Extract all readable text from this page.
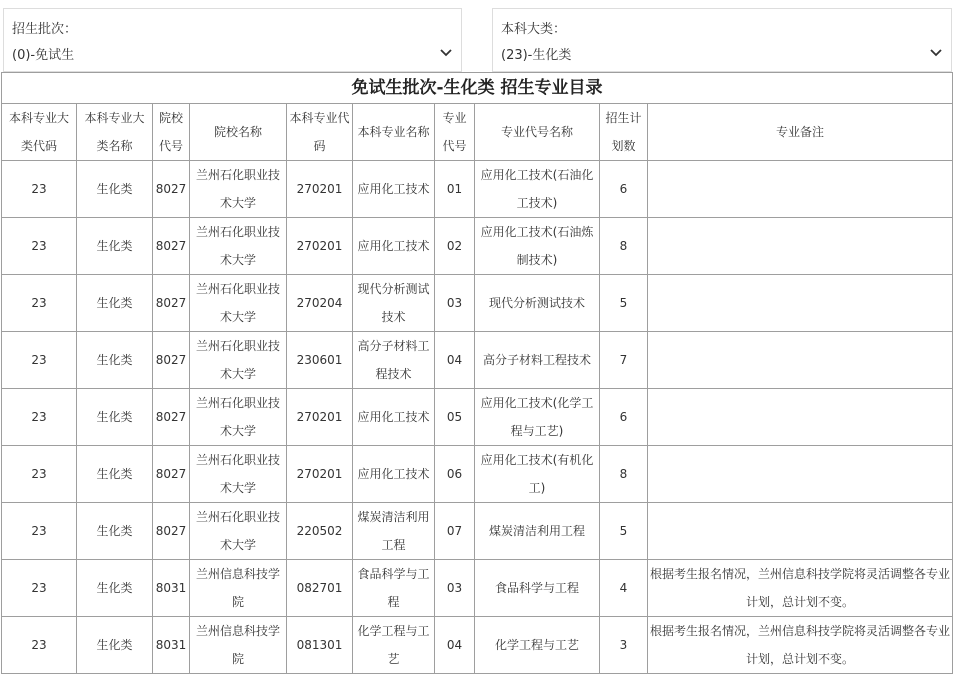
招生批次：
(0)-免试生
本科大类：
(23)-生化类
免试生批次-生化类 招生专业目录									
本科专业大类代码	本科专业大类名称	院校代号	院校名称	本科专业代码	本科专业名称	专业代号	专业代号名称	招生计划数	专业备注
23	生化类	8027	兰州石化职业技术大学	270201	应用化工技术	01	应用化工技术(石油化工技术)	6	
23	生化类	8027	兰州石化职业技术大学	270201	应用化工技术	02	应用化工技术(石油炼制技术)	8	
23	生化类	8027	兰州石化职业技术大学	270204	现代分析测试技术	03	现代分析测试技术	5	
23	生化类	8027	兰州石化职业技术大学	230601	高分子材料工程技术	04	高分子材料工程技术	7	
23	生化类	8027	兰州石化职业技术大学	270201	应用化工技术	05	应用化工技术(化学工程与工艺)	6	
23	生化类	8027	兰州石化职业技术大学	270201	应用化工技术	06	应用化工技术(有机化工)	8	
23	生化类	8027	兰州石化职业技术大学	220502	煤炭清洁利用工程	07	煤炭清洁利用工程	5	
23	生化类	8031	兰州信息科技学院	082701	食品科学与工程	03	食品科学与工程	4	根据考生报名情况，兰州信息科技学院将灵活调整各专业计划，总计划不变。
23	生化类	8031	兰州信息科技学院	081301	化学工程与工艺	04	化学工程与工艺	3	根据考生报名情况，兰州信息科技学院将灵活调整各专业计划，总计划不变。
